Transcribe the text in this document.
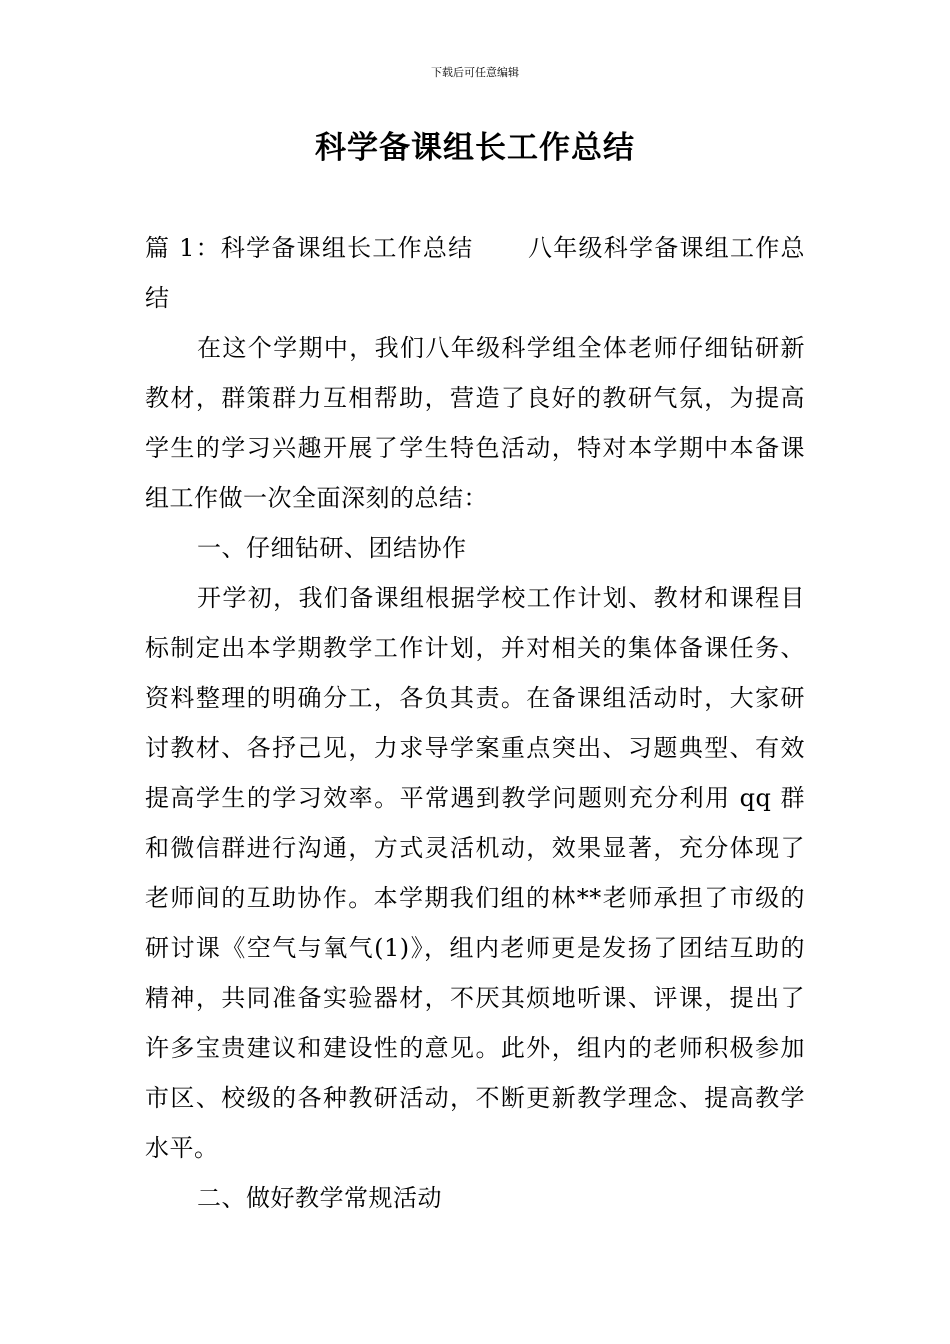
下载后可任意编辑
科学备课组长工作总结

篇 1：科学备课组长工作总结 八年级科学备课组工作总结

在这个学期中，我们八年级科学组全体老师仔细钻研新教材，群策群力互相帮助，营造了良好的教研气氛，为提高学生的学习兴趣开展了学生特色活动，特对本学期中本备课组工作做一次全面深刻的总结：

一、仔细钻研、团结协作

开学初，我们备课组根据学校工作计划、教材和课程目标制定出本学期教学工作计划，并对相关的集体备课任务、资料整理的明确分工，各负其责。在备课组活动时，大家研讨教材、各抒己见，力求导学案重点突出、习题典型、有效提高学生的学习效率。平常遇到教学问题则充分利用 qq 群和微信群进行沟通，方式灵活机动，效果显著，充分体现了老师间的互助协作。本学期我们组的林**老师承担了市级的研讨课《空气与氧气(1)》，组内老师更是发扬了团结互助的精神，共同准备实验器材，不厌其烦地听课、评课，提出了许多宝贵建议和建设性的意见。此外，组内的老师积极参加市区、校级的各种教研活动，不断更新教学理念、提高教学水平。

二、做好教学常规活动
